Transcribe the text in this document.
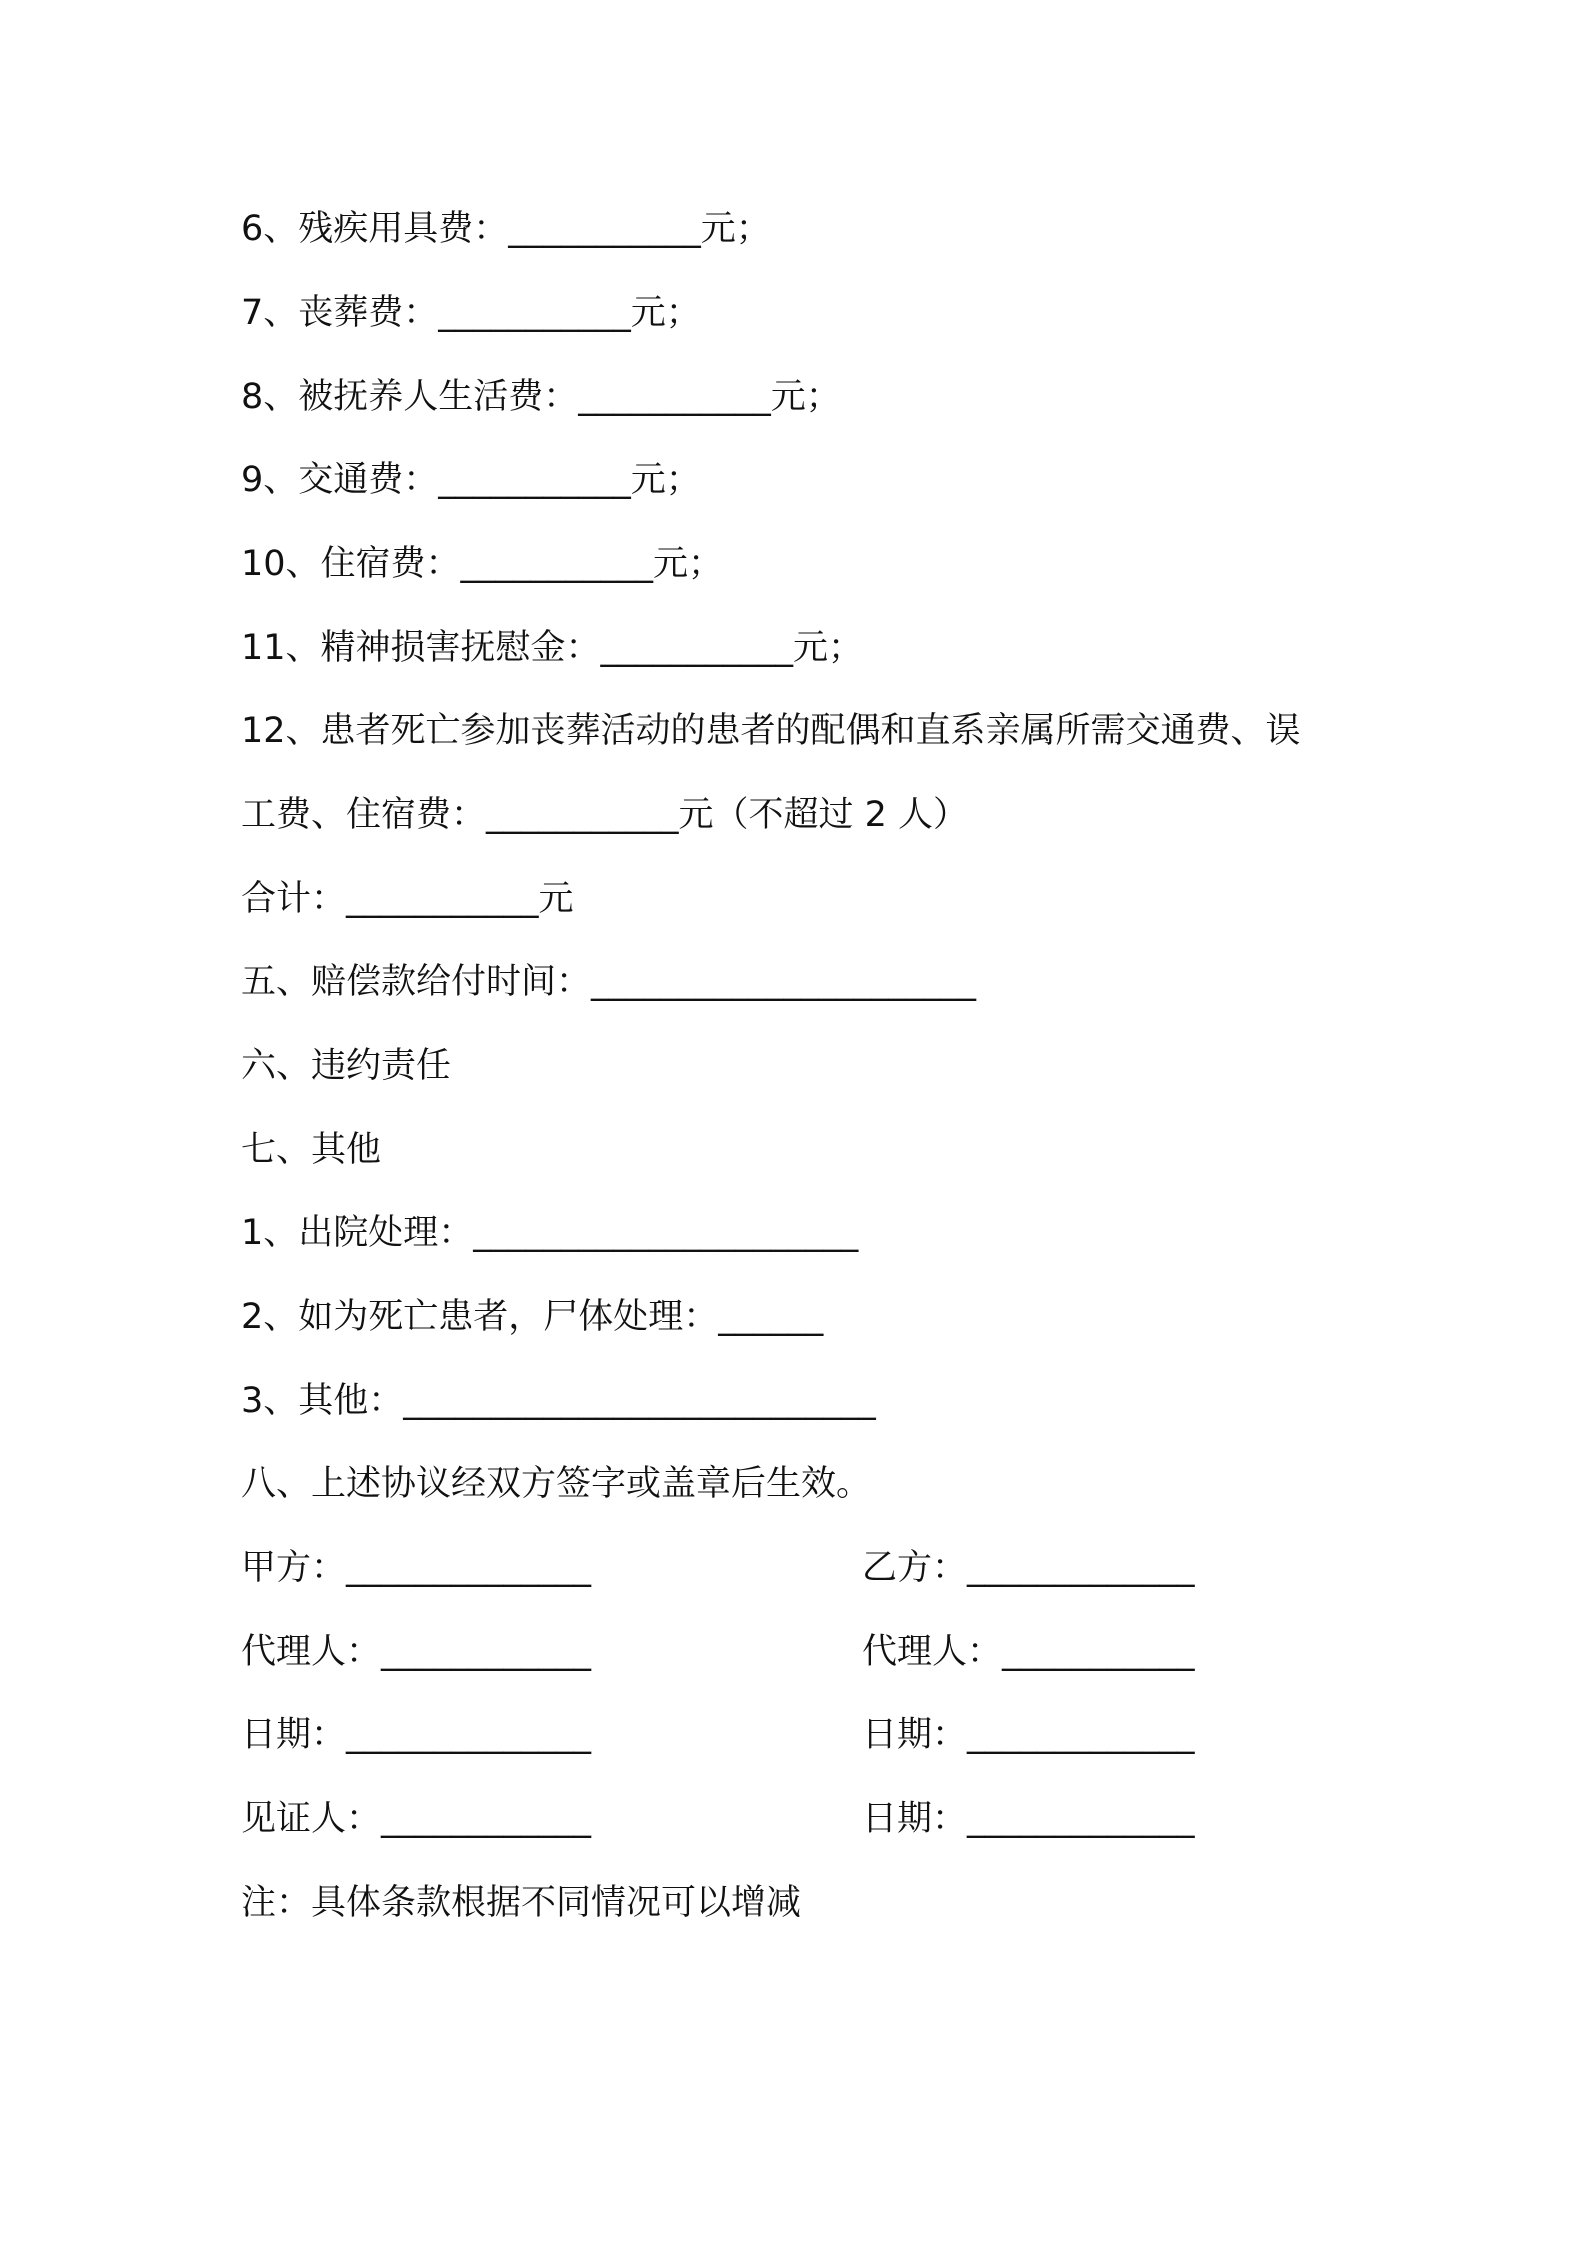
6、残疾用具费：___________元；
7、丧葬费：___________元；
8、被抚养人生活费：___________元；
9、交通费：___________元；
10、住宿费：___________元；
11、精神损害抚慰金：___________元；
12、患者死亡参加丧葬活动的患者的配偶和直系亲属所需交通费、误
工费、住宿费：___________元（不超过 2 人）
合计：___________元
五、赔偿款给付时间：______________________
六、违约责任
七、其他
1、出院处理：______________________
2、如为死亡患者，尸体处理：______
3、其他：___________________________
八、上述协议经双方签字或盖章后生效。
甲方：______________	乙方：_____________
代理人：____________	代理人：___________
日期：______________	日期：_____________
见证人：____________	日期：_____________
注：具体条款根据不同情况可以增减
